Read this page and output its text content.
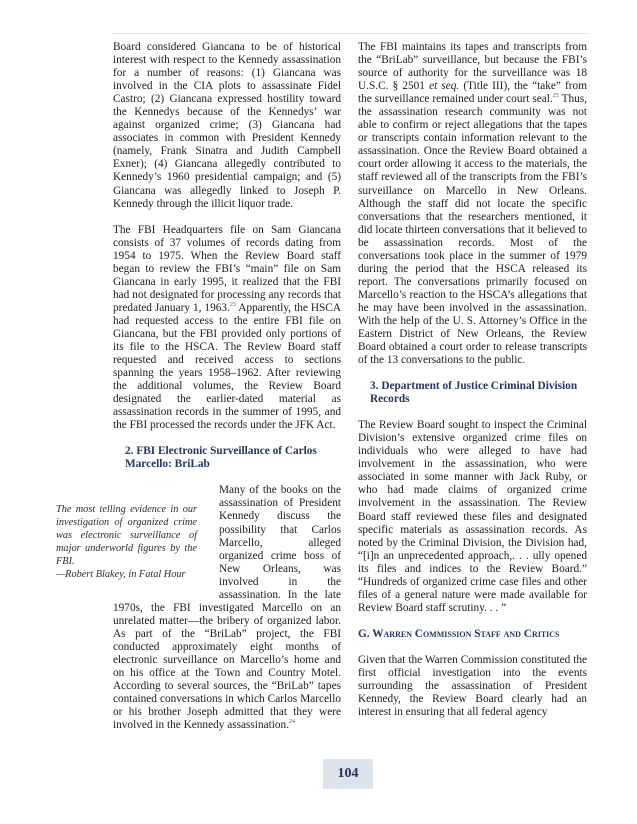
Board considered Giancana to be of historical interest with respect to the Kennedy assassination for a number of reasons: (1) Giancana was involved in the CIA plots to assassinate Fidel Castro; (2) Giancana expressed hostility toward the Kennedys because of the Kennedys’ war against organized crime; (3) Giancana had associates in common with President Kennedy (namely, Frank Sinatra and Judith Campbell Exner); (4) Giancana allegedly contributed to Kennedy’s 1960 presidential campaign; and (5) Giancana was allegedly linked to Joseph P. Kennedy through the illicit liquor trade.

The FBI Headquarters file on Sam Giancana consists of 37 volumes of records dating from 1954 to 1975. When the Review Board staff began to review the FBI’s “main” file on Sam Giancana in early 1995, it realized that the FBI had not designated for processing any records that predated January 1, 1963.23 Apparently, the HSCA had requested access to the entire FBI file on Giancana, but the FBI provided only portions of its file to the HSCA. The Review Board staff requested and received access to sections spanning the years 1958–1962. After reviewing the additional volumes, the Review Board designated the earlier-dated material as assassination records in the summer of 1995, and the FBI processed the records under the JFK Act.

2. FBI Electronic Surveillance of Carlos Marcello: BriLab

Many of the books on the assassination of President Kennedy discuss the possibility that Carlos Marcello, alleged organized crime boss of New Orleans, was involved in the assassination. In the late 1970s, the FBI investigated Marcello on an unrelated matter—the bribery of organized labor. As part of the “BriLab” project, the FBI conducted approximately eight months of electronic surveillance on Marcello’s home and on his office at the Town and Country Motel. According to several sources, the “BriLab” tapes contained conversations in which Carlos Marcello or his brother Joseph admitted that they were involved in the Kennedy assassination.$^{24}$

The most telling evidence in our investigation of organized crime was electronic surveillance of major underworld figures by the FBI.
—Robert Blakey, in Fatal Hour

The FBI maintains its tapes and transcripts from the “BriLab” surveillance, but because the FBI’s source of authority for the surveillance was 18 U.S.C. § 2501 et seq. (Title III), the “take” from the surveillance remained under court seal.$^{25}$ Thus, the assassination research community was not able to confirm or reject allegations that the tapes or transcripts contain information relevant to the assassination. Once the Review Board obtained a court order allowing it access to the materials, the staff reviewed all of the transcripts from the FBI’s surveillance on Marcello in New Orleans. Although the staff did not locate the specific conversations that the researchers mentioned, it did locate thirteen conversations that it believed to be assassination records. Most of the conversations took place in the summer of 1979 during the period that the HSCA released its report. The conversations primarily focused on Marcello’s reaction to the HSCA’s allegations that he may have been involved in the assassination. With the help of the U. S. Attorney’s Office in the Eastern District of New Orleans, the Review Board obtained a court order to release transcripts of the 13 conversations to the public.

3. Department of Justice Criminal Division Records

The Review Board sought to inspect the Criminal Division’s extensive organized crime files on individuals who were alleged to have had involvement in the assassination, who were associated in some manner with Jack Ruby, or who had made claims of organized crime involvement in the assassination. The Review Board staff reviewed these files and designated specific materials as assassination records. As noted by the Criminal Division, the Division had, “[i]n an unprecedented approach,. . . ully opened its files and indices to the Review Board.” “Hundreds of organized crime case files and other files of a general nature were made available for Review Board staff scrutiny. . . ”

G. Warren Commission Staff and Critics

Given that the Warren Commission constituted the first official investigation into the events surrounding the assassination of President Kennedy, the Review Board clearly had an interest in ensuring that all federal agency

104
